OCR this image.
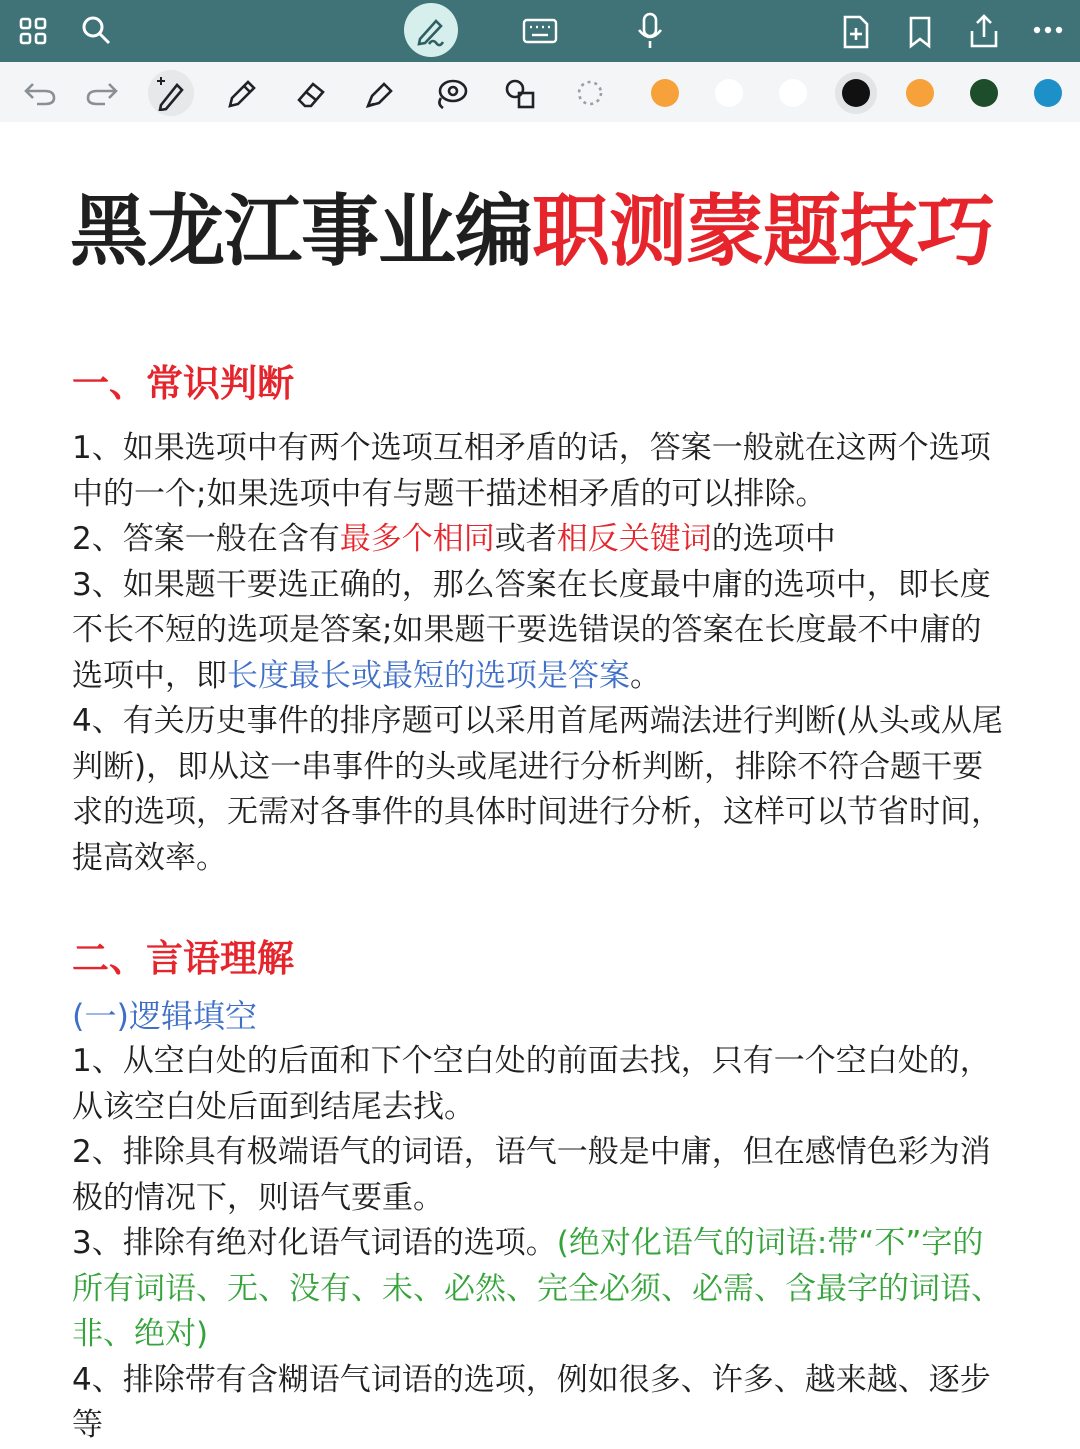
黑龙江事业编职测蒙题技巧
一、常识判断

1、如果选项中有两个选项互相矛盾的话，答案一般就在这两个选项中的一个;如果选项中有与题干描述相矛盾的可以排除。

2、答案一般在含有最多个相同或者相反关键词的选项中

3、如果题干要选正确的，那么答案在长度最中庸的选项中，即长度不长不短的选项是答案;如果题干要选错误的答案在长度最不中庸的选项中，即长度最长或最短的选项是答案。

4、有关历史事件的排序题可以采用首尾两端法进行判断(从头或从尾判断)，即从这一串事件的头或尾进行分析判断，排除不符合题干要求的选项，无需对各事件的具体时间进行分析，这样可以节省时间，提高效率。

二、言语理解
(一)逻辑填空

1、从空白处的后面和下个空白处的前面去找，只有一个空白处的，从该空白处后面到结尾去找。

2、排除具有极端语气的词语，语气一般是中庸，但在感情色彩为消极的情况下，则语气要重。

3、排除有绝对化语气词语的选项。(绝对化语气的词语:带“不”字的所有词语、无、没有、未、必然、完全必须、必需、含最字的词语、非、绝对)

4、排除带有含糊语气词语的选项，例如很多、许多、越来越、逐步等
